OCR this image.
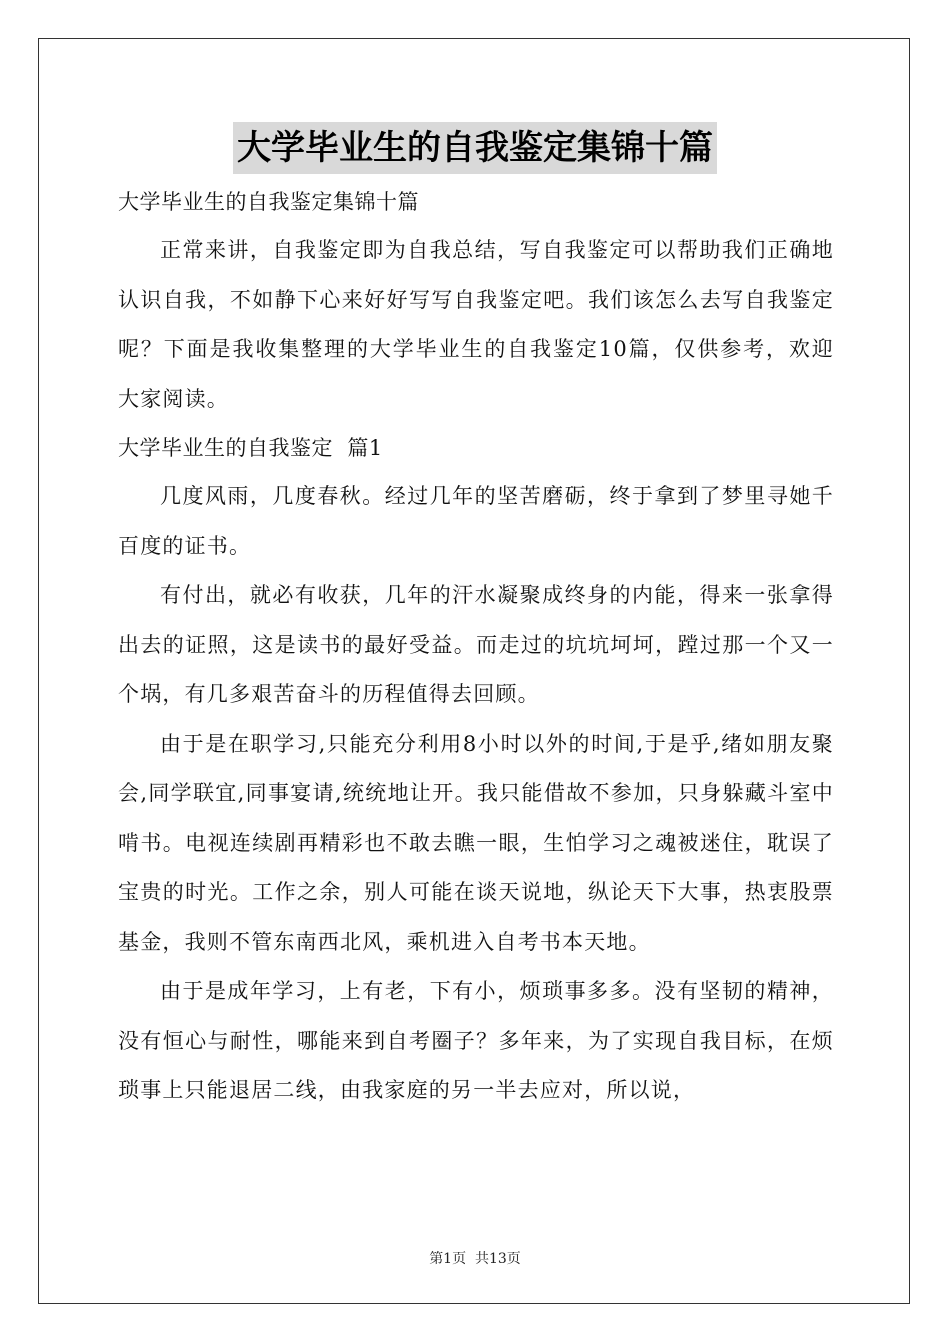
大学毕业生的自我鉴定集锦十篇

大学毕业生的自我鉴定集锦十篇

正常来讲，自我鉴定即为自我总结，写自我鉴定可以帮助我们正确地认识自我，不如静下心来好好写写自我鉴定吧。我们该怎么去写自我鉴定呢？下面是我收集整理的大学毕业生的自我鉴定10篇，仅供参考，欢迎大家阅读。

大学毕业生的自我鉴定  篇1

几度风雨，几度春秋。经过几年的坚苦磨砺，终于拿到了梦里寻她千百度的证书。

有付出，就必有收获，几年的汗水凝聚成终身的内能，得来一张拿得出去的证照，这是读书的最好受益。而走过的坑坑坷坷，蹚过那一个又一个埚，有几多艰苦奋斗的历程值得去回顾。

由于是在职学习,只能充分利用8小时以外的时间,于是乎,绪如朋友聚会,同学联宜,同事宴请,统统地让开。我只能借故不参加，只身躲藏斗室中啃书。电视连续剧再精彩也不敢去瞧一眼，生怕学习之魂被迷住，耽误了宝贵的时光。工作之余，别人可能在谈天说地，纵论天下大事，热衷股票基金，我则不管东南西北风，乘机进入自考书本天地。

由于是成年学习，上有老，下有小，烦琐事多多。没有坚韧的精神，没有恒心与耐性，哪能来到自考圈子？多年来，为了实现自我目标，在烦琐事上只能退居二线，由我家庭的另一半去应对，所以说，

第1页  共13页
